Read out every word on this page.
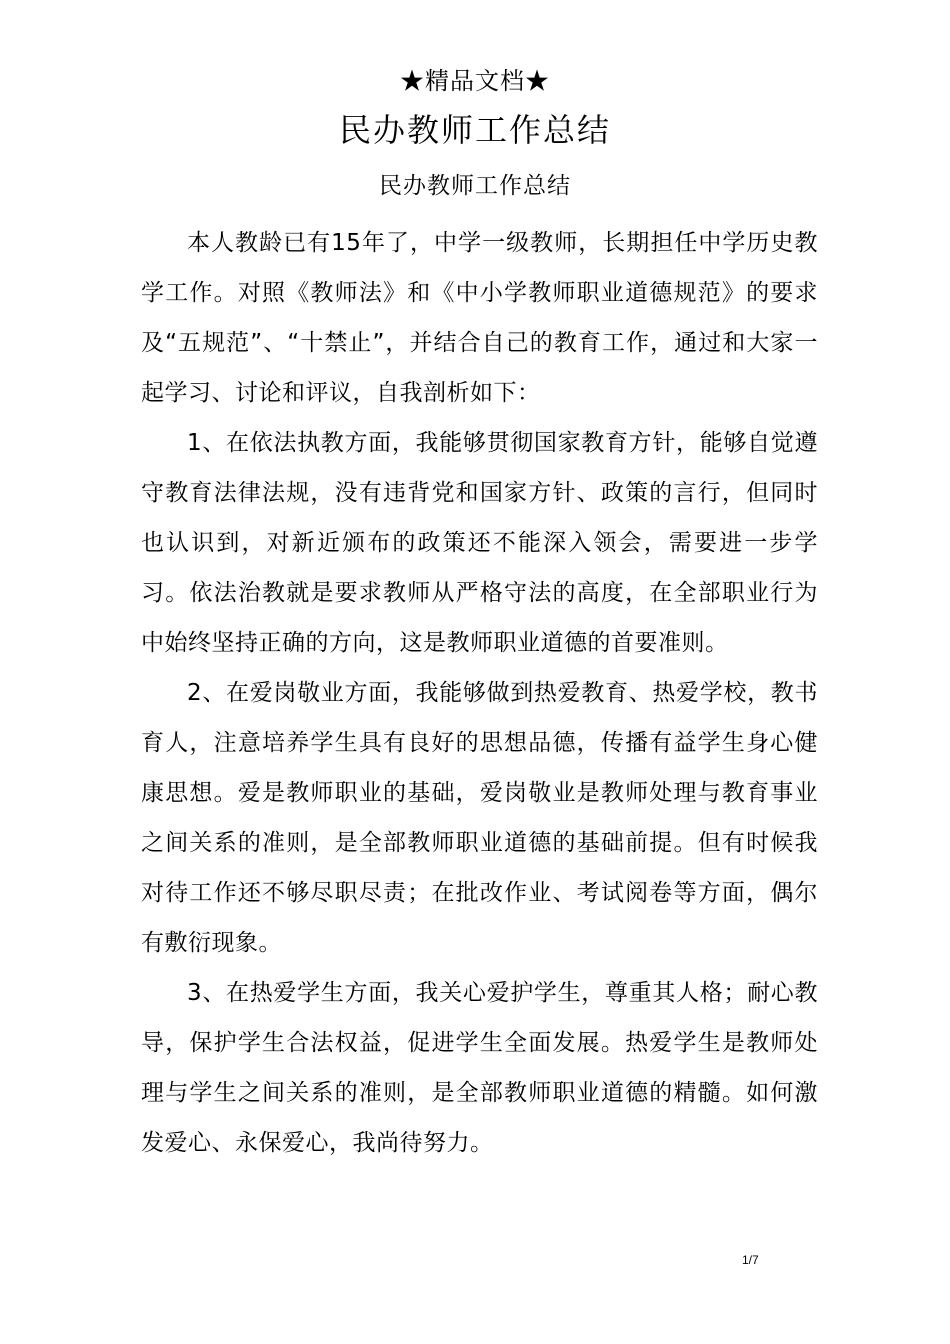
★精品文档★
民办教师工作总结
民办教师工作总结

本人教龄已有15年了，中学一级教师，长期担任中学历史教学工作。对照《教师法》和《中小学教师职业道德规范》的要求及“五规范”、“十禁止”，并结合自己的教育工作，通过和大家一起学习、讨论和评议，自我剖析如下：

1、在依法执教方面，我能够贯彻国家教育方针，能够自觉遵守教育法律法规，没有违背党和国家方针、政策的言行，但同时也认识到，对新近颁布的政策还不能深入领会，需要进一步学习。依法治教就是要求教师从严格守法的高度，在全部职业行为中始终坚持正确的方向，这是教师职业道德的首要准则。

2、在爱岗敬业方面，我能够做到热爱教育、热爱学校，教书育人，注意培养学生具有良好的思想品德，传播有益学生身心健康思想。爱是教师职业的基础，爱岗敬业是教师处理与教育事业之间关系的准则，是全部教师职业道德的基础前提。但有时候我对待工作还不够尽职尽责；在批改作业、考试阅卷等方面，偶尔有敷衍现象。

3、在热爱学生方面，我关心爱护学生，尊重其人格；耐心教导，保护学生合法权益，促进学生全面发展。热爱学生是教师处理与学生之间关系的准则，是全部教师职业道德的精髓。如何激发爱心、永保爱心，我尚待努力。

1/7
